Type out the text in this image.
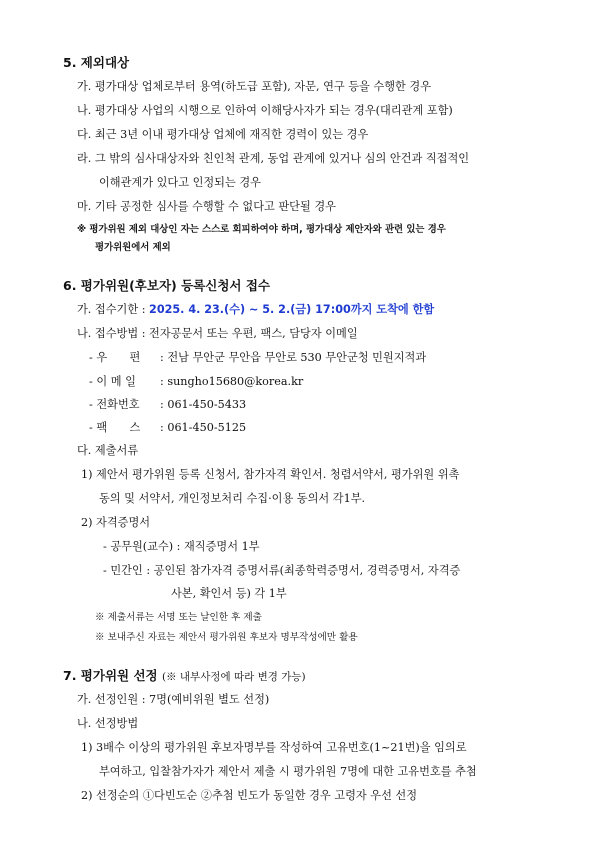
5. 제외대상
가. 평가대상 업체로부터 용역(하도급 포함), 자문, 연구 등을 수행한 경우
나. 평가대상 사업의 시행으로 인하여 이해당사자가 되는 경우(대리관계 포함)
다. 최근 3년 이내 평가대상 업체에 재직한 경력이 있는 경우
라. 그 밖의 심사대상자와 친인척 관계, 동업 관계에 있거나 심의 안건과 직접적인
이해관계가 있다고 인정되는 경우
마. 기타 공정한 심사를 수행할 수 없다고 판단될 경우
※ 평가위원 제외 대상인 자는 스스로 회피하여야 하며, 평가대상 제안자와 관련 있는 경우
평가위원에서 제외
6. 평가위원(후보자) 등록신청서 접수
가. 접수기한 : 2025. 4. 23.(수) ~ 5. 2.(금) 17:00까지 도착에 한함
나. 접수방법 : 전자공문서 또는 우편, 팩스, 담당자 이메일
- 우　　편 : 전남 무안군 무안읍 무안로 530 무안군청 민원지적과
- 이 메 일 : sungho15680@korea.kr
- 전화번호 : 061-450-5433
- 팩　　스 : 061-450-5125
다. 제출서류
1) 제안서 평가위원 등록 신청서, 참가자격 확인서. 청렴서약서, 평가위원 위촉
동의 및 서약서, 개인정보처리 수집·이용 동의서 각1부.
2) 자격증명서
- 공무원(교수) : 재직증명서 1부
- 민간인 : 공인된 참가자격 증명서류(최종학력증명서, 경력증명서, 자격증
사본, 확인서 등) 각 1부
※ 제출서류는 서명 또는 날인한 후 제출
※ 보내주신 자료는 제안서 평가위원 후보자 명부작성에만 활용
7. 평가위원 선정 (※ 내부사정에 따라 변경 가능)
가. 선정인원 : 7명(예비위원 별도 선정)
나. 선정방법
1) 3배수 이상의 평가위원 후보자명부를 작성하여 고유번호(1~21번)을 임의로
부여하고, 입찰참가자가 제안서 제출 시 평가위원 7명에 대한 고유번호를 추첨
2) 선정순의 ①다빈도순 ②추첨 빈도가 동일한 경우 고령자 우선 선정
